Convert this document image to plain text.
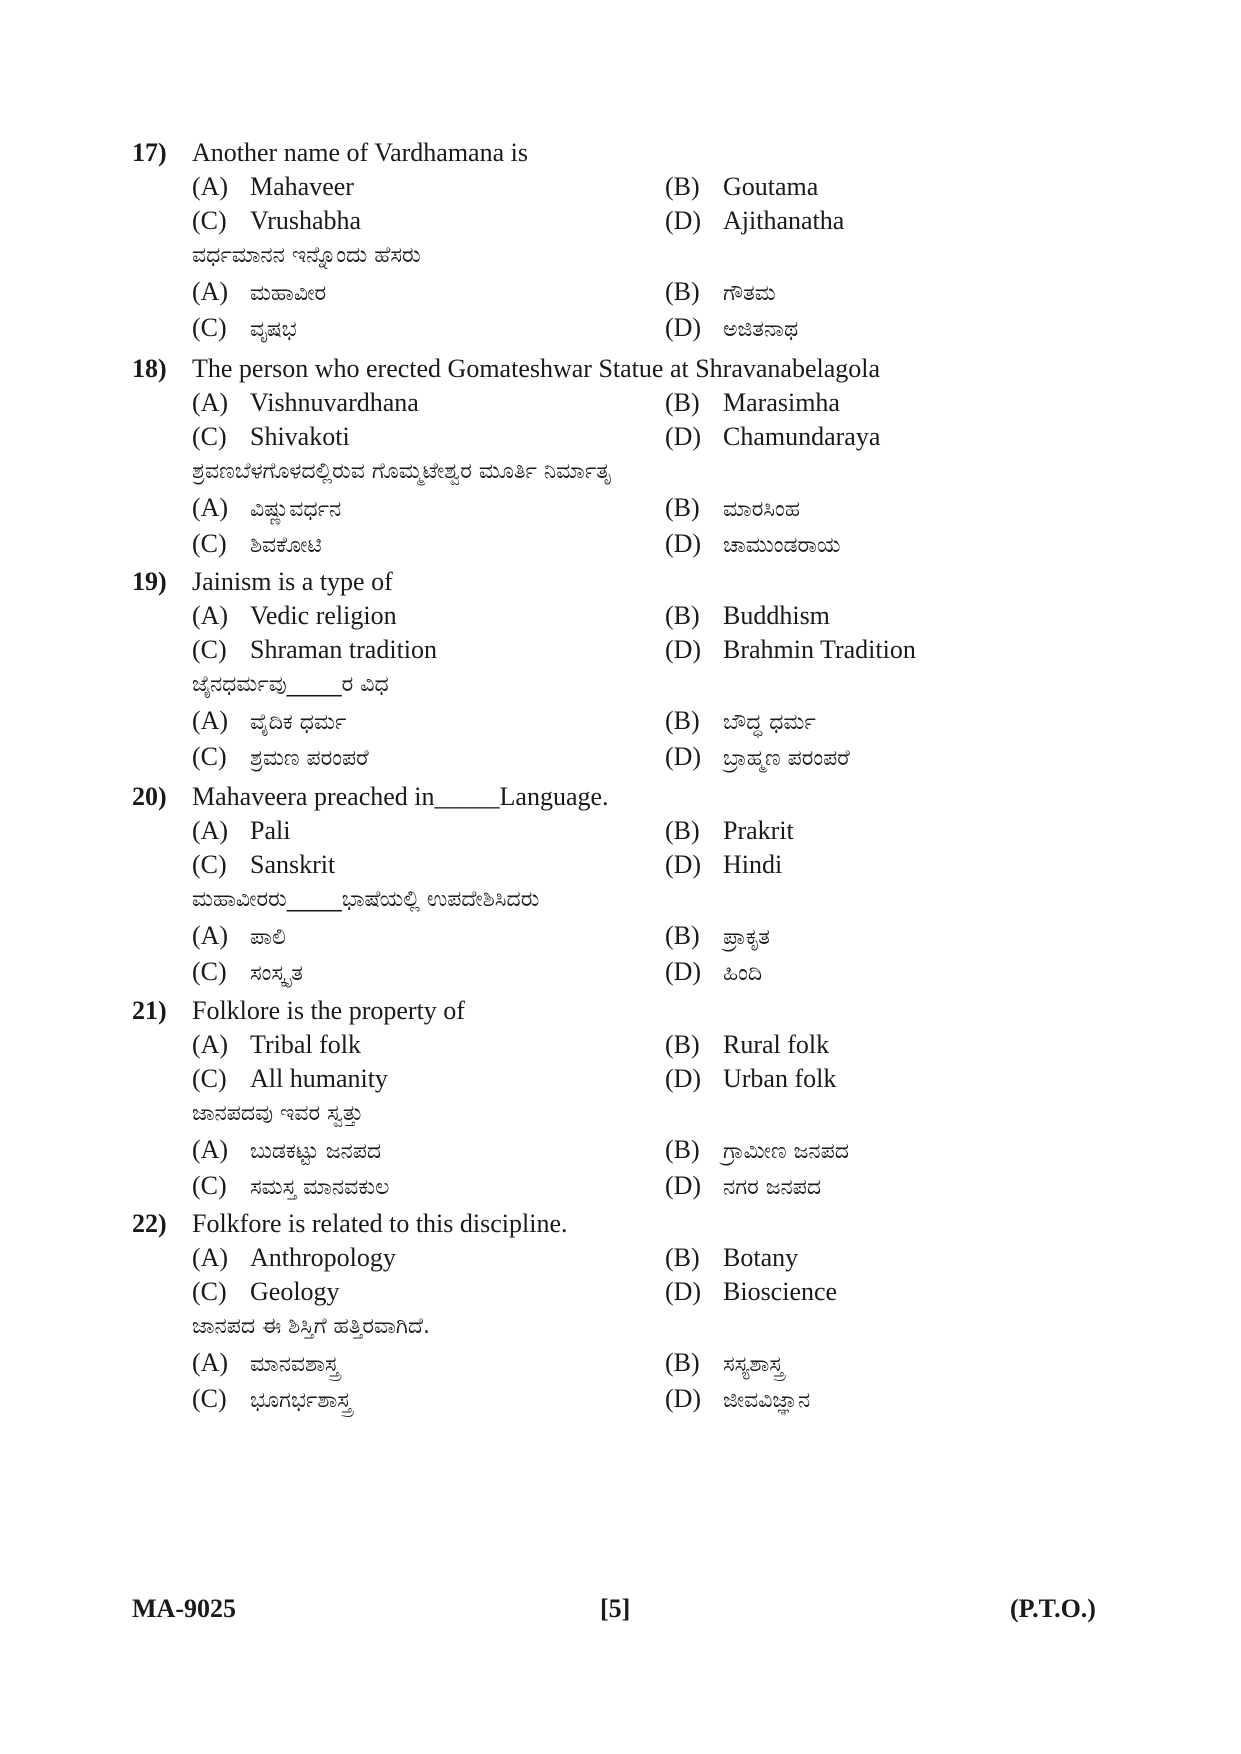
17) Another name of Vardhamana is
(A) Mahaveer	(B) Goutama
(C) Vrushabha	(D) Ajithanatha
ವರ್ಧಮಾನನ ಇನ್ನೊಂದು ಹೆಸರು
(A) ಮಹಾವೀರ	(B) ಗೌತಮ
(C) ವೃಷಭ	(D) ಅಜಿತನಾಥ
18) The person who erected Gomateshwar Statue at Shravanabelagola
(A) Vishnuvardhana	(B) Marasimha
(C) Shivakoti	(D) Chamundaraya
ಶ್ರವಣಬೆಳಗೊಳದಲ್ಲಿರುವ ಗೊಮ್ಮಟೇಶ್ವರ ಮೂರ್ತಿ ನಿರ್ಮಾತೃ
(A) ವಿಷ್ಣುವರ್ಧನ	(B) ಮಾರಸಿಂಹ
(C) ಶಿವಕೋಟಿ	(D) ಚಾಮುಂಡರಾಯ
19) Jainism is a type of
(A) Vedic religion	(B) Buddhism
(C) Shraman tradition	(D) Brahmin Tradition
ಜೈನಧರ್ಮವು_____ರ ವಿಧ
(A) ವೈದಿಕ ಧರ್ಮ	(B) ಬೌದ್ಧ ಧರ್ಮ
(C) ಶ್ರಮಣ ಪರಂಪರೆ	(D) ಬ್ರಾಹ್ಮಣ ಪರಂಪರೆ
20) Mahaveera preached in_____Language.
(A) Pali	(B) Prakrit
(C) Sanskrit	(D) Hindi
ಮಹಾವೀರರು_____ಭಾಷೆಯಲ್ಲಿ ಉಪದೇಶಿಸಿದರು
(A) ಪಾಲಿ	(B) ಪ್ರಾಕೃತ
(C) ಸಂಸ್ಕೃತ	(D) ಹಿಂದಿ
21) Folklore is the property of
(A) Tribal folk	(B) Rural folk
(C) All humanity	(D) Urban folk
ಜಾನಪದವು ಇವರ ಸ್ವತ್ತು
(A) ಬುಡಕಟ್ಟು ಜನಪದ	(B) ಗ್ರಾಮೀಣ ಜನಪದ
(C) ಸಮಸ್ತ ಮಾನವಕುಲ	(D) ನಗರ ಜನಪದ
22) Folkfore is related to this discipline.
(A) Anthropology	(B) Botany
(C) Geology	(D) Bioscience
ಜಾನಪದ ಈ ಶಿಸ್ತಿಗೆ ಹತ್ತಿರವಾಗಿದೆ.
(A) ಮಾನವಶಾಸ್ತ್ರ	(B) ಸಸ್ಯಶಾಸ್ತ್ರ
(C) ಭೂಗರ್ಭಶಾಸ್ತ್ರ	(D) ಜೀವವಿಜ್ಞಾನ
MA-9025	[5]	(P.T.O.)
